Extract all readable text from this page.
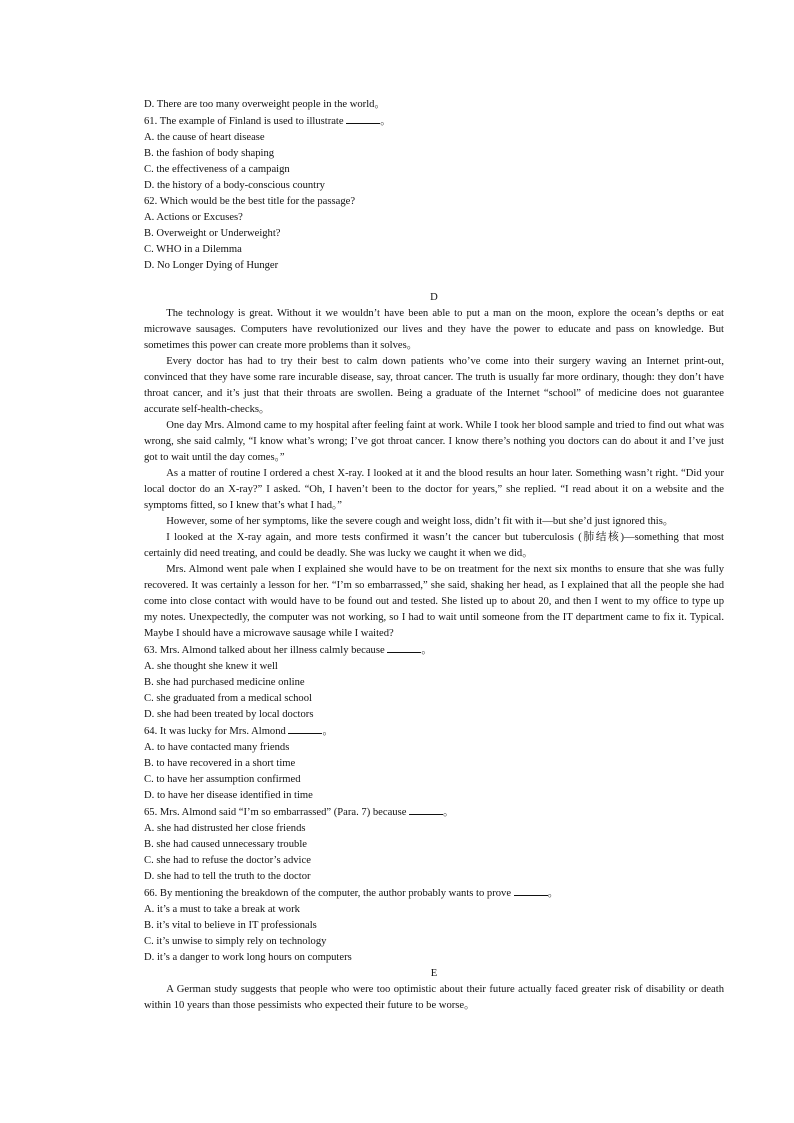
D. There are too many overweight people in the world。
61. The example of Finland is used to illustrate	。
A. the cause of heart disease
B. the fashion of body shaping
C. the effectiveness of a campaign
D. the history of a body-conscious country
62. Which would be the best title for the passage?
A. Actions or Excuses?
B. Overweight or Underweight?
C. WHO in a Dilemma
D. No Longer Dying of Hunger
D

The technology is great. Without it we wouldn’t have been able to put a man on the moon, explore the ocean’s depths or eat microwave sausages. Computers have revolutionized our lives and they have the power to educate and pass on knowledge. But sometimes this power can create more problems than it solves。

Every doctor has had to try their best to calm down patients who’ve come into their surgery waving an Internet print-out, convinced that they have some rare incurable disease, say, throat cancer. The truth is usually far more ordinary, though: they don’t have throat cancer, and it’s just that their throats are swollen. Being a graduate of the Internet “school” of medicine does not guarantee accurate self-health-checks。

One day Mrs. Almond came to my hospital after feeling faint at work. While I took her blood sample and tried to find out what was wrong, she said calmly, “I know what’s wrong; I’ve got throat cancer. I know there’s nothing you doctors can do about it and I’ve just got to wait until the day comes。”

As a matter of routine I ordered a chest X-ray. I looked at it and the blood results an hour later. Something wasn’t right. “Did your local doctor do an X-ray?” I asked. “Oh, I haven’t been to the doctor for years,” she replied. “I read about it on a website and the symptoms fitted, so I knew that’s what I had。”

However, some of her symptoms, like the severe cough and weight loss, didn’t fit with it—but she’d just ignored this。

I looked at the X-ray again, and more tests confirmed it wasn’t the cancer but tuberculosis (肺结核)—something that most certainly did need treating, and could be deadly. She was lucky we caught it when we did。

Mrs. Almond went pale when I explained she would have to be on treatment for the next six months to ensure that she was fully recovered. It was certainly a lesson for her. “I’m so embarrassed,” she said, shaking her head, as I explained that all the people she had come into close contact with would have to be found out and tested. She listed up to about 20, and then I went to my office to type up my notes. Unexpectedly, the computer was not working, so I had to wait until someone from the IT department came to fix it. Typical. Maybe I should have a microwave sausage while I waited?

63. Mrs. Almond talked about her illness calmly because	。
A. she thought she knew it well
B. she had purchased medicine online
C. she graduated from a medical school
D. she had been treated by local doctors
64. It was lucky for Mrs. Almond	。
A. to have contacted many friends
B. to have recovered in a short time
C. to have her assumption confirmed
D. to have her disease identified in time
65. Mrs. Almond said “I’m so embarrassed” (Para. 7) because	。
A. she had distrusted her close friends
B. she had caused unnecessary trouble
C. she had to refuse the doctor’s advice
D. she had to tell the truth to the doctor
66. By mentioning the breakdown of the computer, the author probably wants to prove	。
A. it’s a must to take a break at work
B. it’s vital to believe in IT professionals
C. it’s unwise to simply rely on technology
D. it’s a danger to work long hours on computers
E

A German study suggests that people who were too optimistic about their future actually faced greater risk of disability or death within 10 years than those pessimists who expected their future to be worse。
